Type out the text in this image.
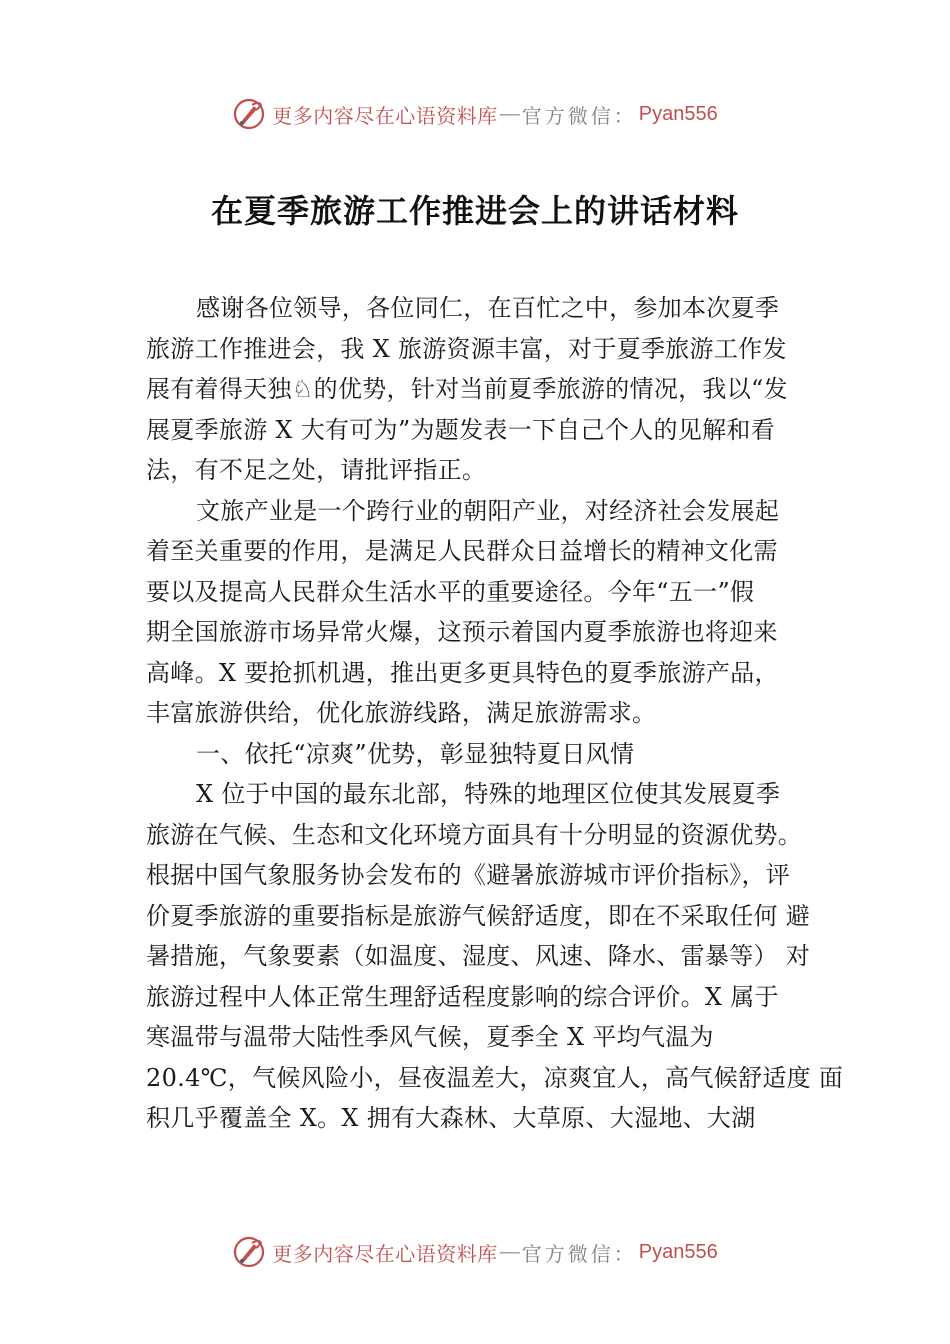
更多内容尽在心语资料库 — 官方微信： Pyan556
在夏季旅游工作推进会上的讲话材料
感谢各位领导，各位同仁，在百忙之中，参加本次夏季
旅游工作推进会，我 X 旅游资源丰富，对于夏季旅游工作发
展有着得天独♘的优势，针对当前夏季旅游的情况，我以“发
展夏季旅游 X 大有可为”为题发表一下自己个人的见解和看
法，有不足之处，请批评指正。
文旅产业是一个跨行业的朝阳产业，对经济社会发展起
着至关重要的作用，是满足人民群众日益增长的精神文化需
要以及提高人民群众生活水平的重要途径。今年“五一”假
期全国旅游市场异常火爆，这预示着国内夏季旅游也将迎来
高峰。X 要抢抓机遇，推出更多更具特色的夏季旅游产品，
丰富旅游供给，优化旅游线路，满足旅游需求。
一、依托“凉爽”优势，彰显独特夏日风情
X 位于中国的最东北部，特殊的地理区位使其发展夏季
旅游在气候、生态和文化环境方面具有十分明显的资源优势。
根据中国气象服务协会发布的《避暑旅游城市评价指标》，评
价夏季旅游的重要指标是旅游气候舒适度，即在不采取任何 避
暑措施，气象要素（如温度、湿度、风速、降水、雷暴等） 对
旅游过程中人体正常生理舒适程度影响的综合评价。X 属于
寒温带与温带大陆性季风气候，夏季全 X 平均气温为
20.4℃，气候风险小，昼夜温差大，凉爽宜人，高气候舒适度 面
积几乎覆盖全 X。X 拥有大森林、大草原、大湿地、大湖
更多内容尽在心语资料库 — 官方微信： Pyan556
